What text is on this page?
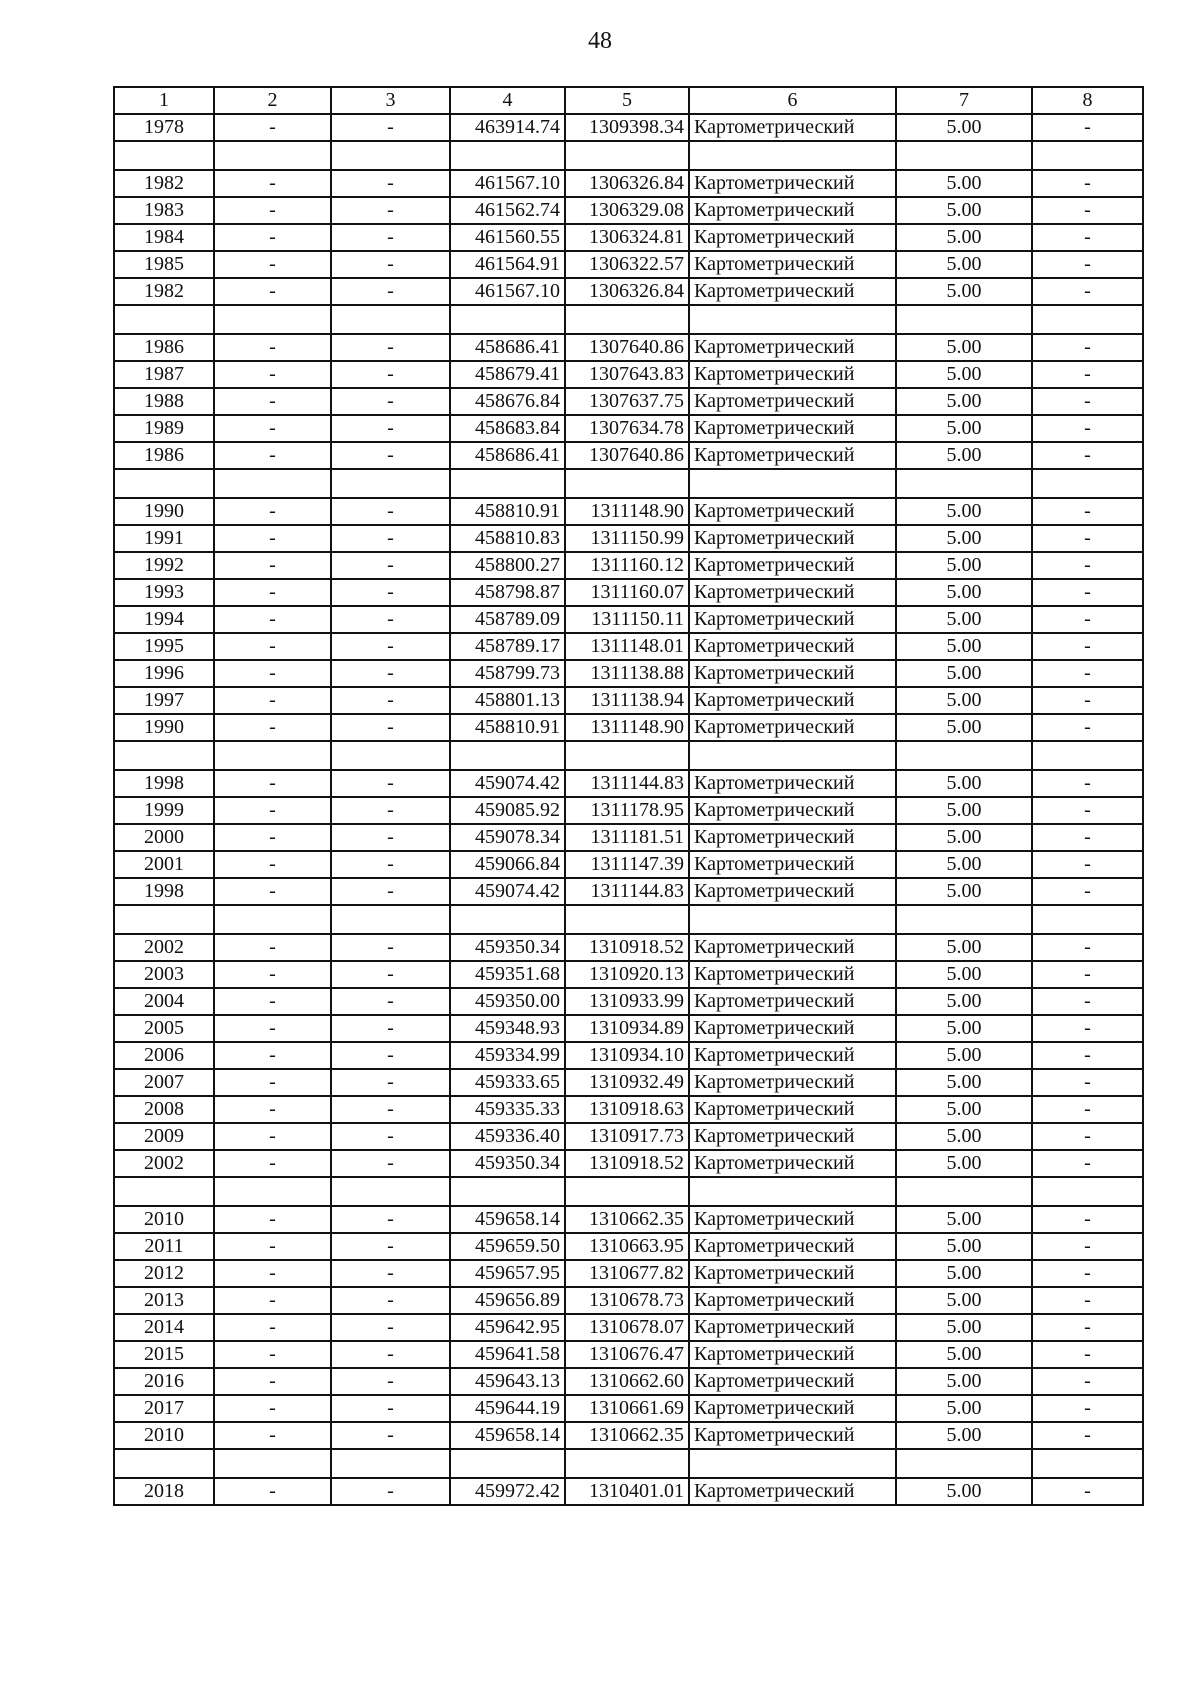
48
1	2	3	4	5	6	7	8
1978	-	-	463914.74	1309398.34	Картометрический	5.00	-

1982	-	-	461567.10	1306326.84	Картометрический	5.00	-
1983	-	-	461562.74	1306329.08	Картометрический	5.00	-
1984	-	-	461560.55	1306324.81	Картометрический	5.00	-
1985	-	-	461564.91	1306322.57	Картометрический	5.00	-
1982	-	-	461567.10	1306326.84	Картометрический	5.00	-

1986	-	-	458686.41	1307640.86	Картометрический	5.00	-
1987	-	-	458679.41	1307643.83	Картометрический	5.00	-
1988	-	-	458676.84	1307637.75	Картометрический	5.00	-
1989	-	-	458683.84	1307634.78	Картометрический	5.00	-
1986	-	-	458686.41	1307640.86	Картометрический	5.00	-

1990	-	-	458810.91	1311148.90	Картометрический	5.00	-
1991	-	-	458810.83	1311150.99	Картометрический	5.00	-
1992	-	-	458800.27	1311160.12	Картометрический	5.00	-
1993	-	-	458798.87	1311160.07	Картометрический	5.00	-
1994	-	-	458789.09	1311150.11	Картометрический	5.00	-
1995	-	-	458789.17	1311148.01	Картометрический	5.00	-
1996	-	-	458799.73	1311138.88	Картометрический	5.00	-
1997	-	-	458801.13	1311138.94	Картометрический	5.00	-
1990	-	-	458810.91	1311148.90	Картометрический	5.00	-

1998	-	-	459074.42	1311144.83	Картометрический	5.00	-
1999	-	-	459085.92	1311178.95	Картометрический	5.00	-
2000	-	-	459078.34	1311181.51	Картометрический	5.00	-
2001	-	-	459066.84	1311147.39	Картометрический	5.00	-
1998	-	-	459074.42	1311144.83	Картометрический	5.00	-

2002	-	-	459350.34	1310918.52	Картометрический	5.00	-
2003	-	-	459351.68	1310920.13	Картометрический	5.00	-
2004	-	-	459350.00	1310933.99	Картометрический	5.00	-
2005	-	-	459348.93	1310934.89	Картометрический	5.00	-
2006	-	-	459334.99	1310934.10	Картометрический	5.00	-
2007	-	-	459333.65	1310932.49	Картометрический	5.00	-
2008	-	-	459335.33	1310918.63	Картометрический	5.00	-
2009	-	-	459336.40	1310917.73	Картометрический	5.00	-
2002	-	-	459350.34	1310918.52	Картометрический	5.00	-

2010	-	-	459658.14	1310662.35	Картометрический	5.00	-
2011	-	-	459659.50	1310663.95	Картометрический	5.00	-
2012	-	-	459657.95	1310677.82	Картометрический	5.00	-
2013	-	-	459656.89	1310678.73	Картометрический	5.00	-
2014	-	-	459642.95	1310678.07	Картометрический	5.00	-
2015	-	-	459641.58	1310676.47	Картометрический	5.00	-
2016	-	-	459643.13	1310662.60	Картометрический	5.00	-
2017	-	-	459644.19	1310661.69	Картометрический	5.00	-
2010	-	-	459658.14	1310662.35	Картометрический	5.00	-

2018	-	-	459972.42	1310401.01	Картометрический	5.00	-
